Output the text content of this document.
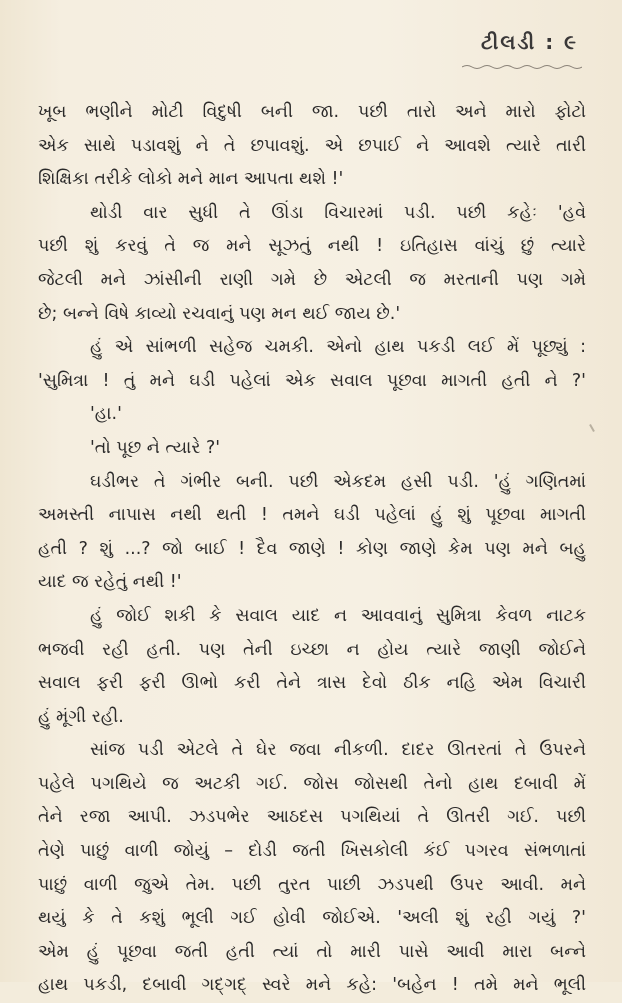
ટીલડી : ૯
ખૂબ ભણીને મોટી વિદુષી બની જા. પછી તારો અને મારો ફોટો
એક સાથે પડાવશું ને તે છપાવશું. એ છપાઈ ને આવશે ત્યારે તારી
શિક્ષિકા તરીકે લોકો મને માન આપતા થશે !'
થોડી વાર સુધી તે ઊંડા વિચારમાં પડી. પછી કહેઃ 'હવે
પછી શું કરવું તે જ મને સૂઝતું નથી ! ઇતિહાસ વાંચું છું ત્યારે
જેટલી મને ઝાંસીની રાણી ગમે છે એટલી જ મરતાની પણ ગમે
છે; બન્ને વિષે કાવ્યો રચવાનું પણ મન થઈ જાય છે.'
હું એ સાંભળી સહેજ ચમકી. એનો હાથ પકડી લઈ મેં પૂછ્યું :
'સુમિત્રા ! તું મને ઘડી પહેલાં એક સવાલ પૂછવા માગતી હતી ને ?'
'હા.'
'તો પૂછ ને ત્યારે ?'
ઘડીભર તે ગંભીર બની. પછી એકદમ હસી પડી. 'હું ગણિતમાં
અમસ્તી નાપાસ નથી થતી ! તમને ઘડી પહેલાં હું શું પૂછવા માગતી
હતી ? શું ...? જો બાઈ ! દૈવ જાણે ! કોણ જાણે કેમ પણ મને બહુ
યાદ જ રહેતું નથી !'
હું જોઈ શકી કે સવાલ યાદ ન આવવાનું સુમિત્રા કેવળ નાટક
ભજવી રહી હતી. પણ તેની ઇચ્છા ન હોય ત્યારે જાણી જોઈને
સવાલ ફરી ફરી ઊભો કરી તેને ત્રાસ દેવો ઠીક નહિ એમ વિચારી
હું મૂંગી રહી.
સાંજ પડી એટલે તે ઘેર જવા નીકળી. દાદર ઊતરતાં તે ઉપરને
પહેલે પગથિયે જ અટકી ગઈ. જોસ જોસથી તેનો હાથ દબાવી મેં
તેને રજા આપી. ઝડપભેર આઠદસ પગથિયાં તે ઊતરી ગઈ. પછી
તેણે પાછું વાળી જોયું – દોડી જતી ખિસકોલી કંઈ પગરવ સંભળાતાં
પાછું વાળી જુએ તેમ. પછી તુરત પાછી ઝડપથી ઉપર આવી. મને
થયું કે તે કશું ભૂલી ગઈ હોવી જોઈએ. 'અલી શું રહી ગયું ?'
એમ હું પૂછવા જતી હતી ત્યાં તો મારી પાસે આવી મારા બન્ને
હાથ પકડી, દબાવી ગદ્ગદ્ સ્વરે મને કહે: 'બહેન ! તમે મને ભૂલી
